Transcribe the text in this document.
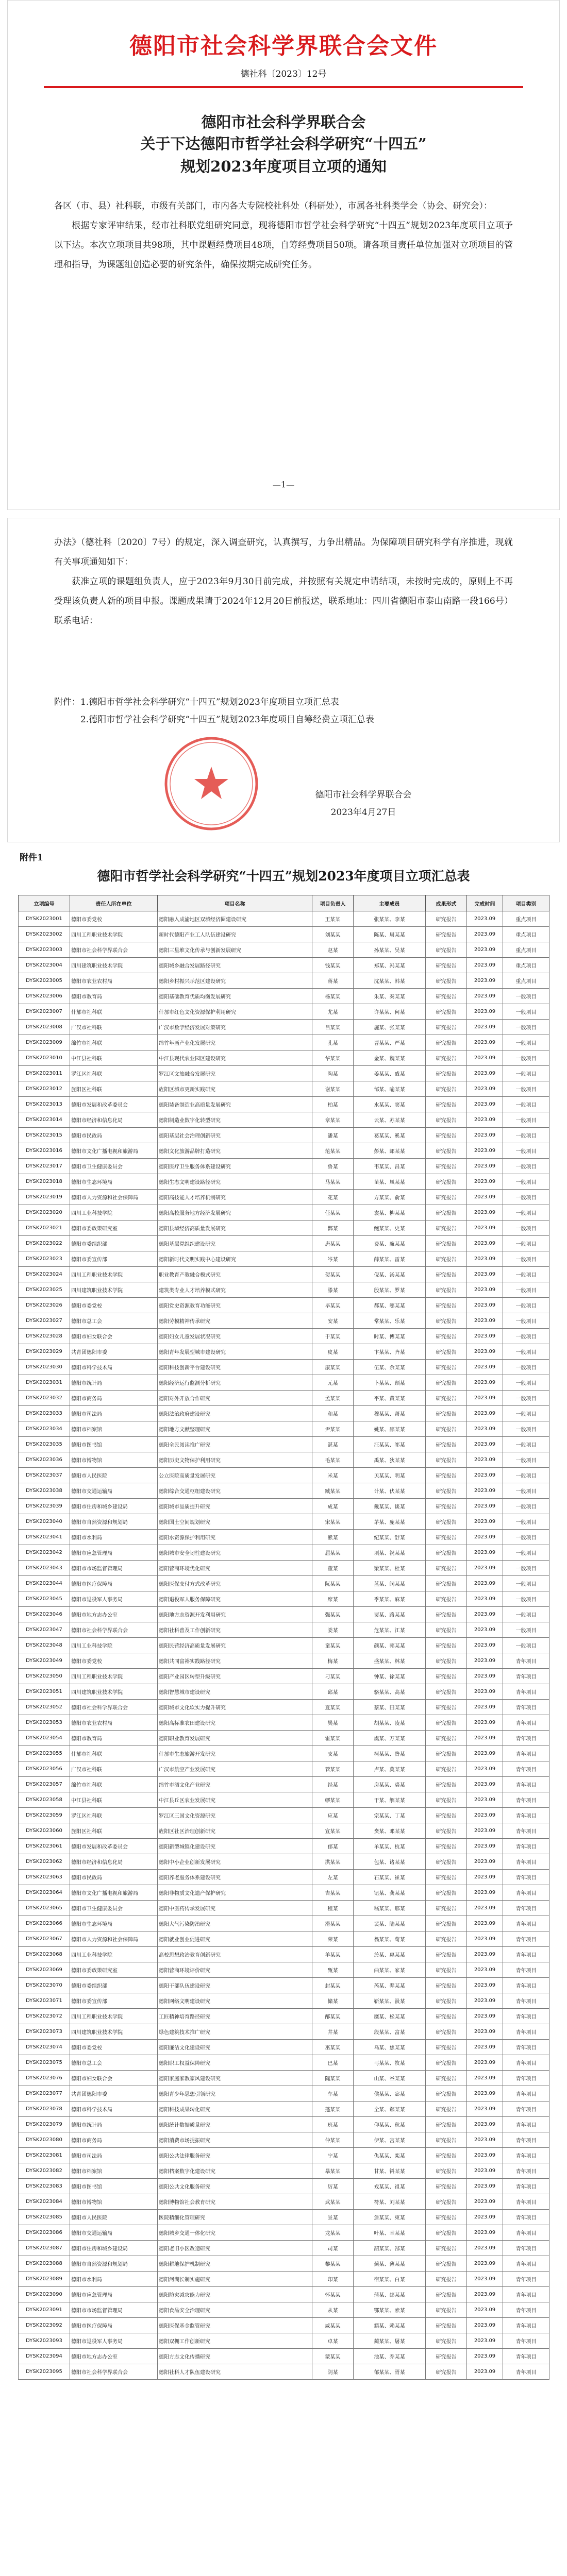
德阳市社会科学界联合会文件
德社科〔2023〕12号
德阳市社会科学界联合会
关于下达德阳市哲学社会科学研究“十四五”
规划2023年度项目立项的通知

各区（市、县）社科联，市级有关部门，市内各大专院校社科处（科研处），市属各社科类学会（协会、研究会）：

根据专家评审结果，经市社科联党组研究同意，现将德阳市哲学社会科学研究“十四五”规划2023年度项目立项予以下达。本次立项项目共98项，其中课题经费项目48项，自筹经费项目50项。请各项目责任单位加强对立项项目的管理和指导，为课题组创造必要的研究条件，确保按期完成研究任务。

—1—

办法》（德社科〔2020〕7号）的规定，深入调查研究，认真撰写，力争出精品。为保障项目研究科学有序推进，现就有关事项通知如下：

获准立项的课题组负责人，应于2023年9月30日前完成，并按照有关规定申请结项，未按时完成的，原则上不再受理该负责人新的项目申报。课题成果请于2024年12月20日前报送，联系地址：四川省德阳市泰山南路一段166号）联系电话：

附件：1.德阳市哲学社会科学研究“十四五”规划2023年度项目立项汇总表
2.德阳市哲学社会科学研究“十四五”规划2023年度项目自筹经费立项汇总表
德阳市社会科学界联合会
2023年4月27日
附件1
德阳市哲学社会科学研究“十四五”规划2023年度项目立项汇总表
立项编号	责任人所在单位	项目名称	项目负责人	主要成员	成果形式	完成时间	项目类别
DYSK2023001	德阳市委党校	德阳融入成渝地区双城经济圈建设研究	王某某	张某某、李某	研究报告	2023.09	重点项目
DYSK2023002	四川工程职业技术学院	新时代德阳产业工人队伍建设研究	刘某某	陈某、周某某	研究报告	2023.09	重点项目
DYSK2023003	德阳市社会科学界联合会	德阳三星堆文化传承与创新发展研究	赵某	孙某某、吴某	研究报告	2023.09	重点项目
DYSK2023004	四川建筑职业技术学院	德阳城乡融合发展路径研究	钱某某	郑某、冯某某	研究报告	2023.09	重点项目
DYSK2023005	德阳市农业农村局	德阳乡村振兴示范区建设研究	蒋某	沈某某、韩某	研究报告	2023.09	重点项目
DYSK2023006	德阳市教育局	德阳基础教育优质均衡发展研究	杨某某	朱某、秦某某	研究报告	2023.09	一般项目
DYSK2023007	什邡市社科联	什邡市红色文化资源保护利用研究	尤某	许某某、何某	研究报告	2023.09	一般项目
DYSK2023008	广汉市社科联	广汉市数字经济发展对策研究	吕某某	施某、张某某	研究报告	2023.09	一般项目
DYSK2023009	绵竹市社科联	绵竹年画产业化发展研究	孔某	曹某某、严某	研究报告	2023.09	一般项目
DYSK2023010	中江县社科联	中江县现代农业园区建设研究	华某某	金某、魏某某	研究报告	2023.09	一般项目
DYSK2023011	罗江区社科联	罗江区文旅融合发展研究	陶某	姜某某、戚某	研究报告	2023.09	一般项目
DYSK2023012	旌阳区社科联	旌阳区城市更新实践研究	谢某某	邹某、喻某某	研究报告	2023.09	一般项目
DYSK2023013	德阳市发展和改革委员会	德阳装备制造业高质量发展研究	柏某	水某某、窦某	研究报告	2023.09	一般项目
DYSK2023014	德阳市经济和信息化局	德阳制造业数字化转型研究	章某某	云某、苏某某	研究报告	2023.09	一般项目
DYSK2023015	德阳市民政局	德阳基层社会治理创新研究	潘某	葛某某、奚某	研究报告	2023.09	一般项目
DYSK2023016	德阳市文化广播电视和旅游局	德阳文化旅游品牌打造研究	范某某	彭某、郎某某	研究报告	2023.09	一般项目
DYSK2023017	德阳市卫生健康委员会	德阳医疗卫生服务体系建设研究	鲁某	韦某某、昌某	研究报告	2023.09	一般项目
DYSK2023018	德阳市生态环境局	德阳生态文明建设路径研究	马某某	苗某、凤某某	研究报告	2023.09	一般项目
DYSK2023019	德阳市人力资源和社会保障局	德阳高技能人才培养机制研究	花某	方某某、俞某	研究报告	2023.09	一般项目
DYSK2023020	四川工业科技学院	德阳高校服务地方经济发展研究	任某某	袁某、柳某某	研究报告	2023.09	一般项目
DYSK2023021	德阳市委政策研究室	德阳县域经济高质量发展研究	酆某	鲍某某、史某	研究报告	2023.09	一般项目
DYSK2023022	德阳市委组织部	德阳基层党组织建设研究	唐某某	费某、廉某某	研究报告	2023.09	一般项目
DYSK2023023	德阳市委宣传部	德阳新时代文明实践中心建设研究	岑某	薛某某、雷某	研究报告	2023.09	一般项目
DYSK2023024	四川工程职业技术学院	职业教育产教融合模式研究	贺某某	倪某、汤某某	研究报告	2023.09	一般项目
DYSK2023025	四川建筑职业技术学院	建筑类专业人才培养模式研究	滕某	殷某某、罗某	研究报告	2023.09	一般项目
DYSK2023026	德阳市委党校	德阳党史资源教育功能研究	毕某某	郝某、邬某某	研究报告	2023.09	一般项目
DYSK2023027	德阳市总工会	德阳劳模精神传承研究	安某	常某某、乐某	研究报告	2023.09	一般项目
DYSK2023028	德阳市妇女联合会	德阳妇女儿童发展状况研究	于某某	时某、傅某某	研究报告	2023.09	一般项目
DYSK2023029	共青团德阳市委	德阳青年发展型城市建设研究	皮某	卞某某、齐某	研究报告	2023.09	一般项目
DYSK2023030	德阳市科学技术局	德阳科技创新平台建设研究	康某某	伍某、余某某	研究报告	2023.09	一般项目
DYSK2023031	德阳市统计局	德阳经济运行监测分析研究	元某	卜某某、顾某	研究报告	2023.09	一般项目
DYSK2023032	德阳市商务局	德阳对外开放合作研究	孟某某	平某、黄某某	研究报告	2023.09	一般项目
DYSK2023033	德阳市司法局	德阳法治政府建设研究	和某	穆某某、萧某	研究报告	2023.09	一般项目
DYSK2023034	德阳市档案馆	德阳地方文献整理研究	尹某某	姚某、邵某某	研究报告	2023.09	一般项目
DYSK2023035	德阳市图书馆	德阳全民阅读推广研究	湛某	汪某某、祁某	研究报告	2023.09	一般项目
DYSK2023036	德阳市博物馆	德阳历史文物保护利用研究	毛某某	禹某、狄某某	研究报告	2023.09	一般项目
DYSK2023037	德阳市人民医院	公立医院高质量发展研究	米某	贝某某、明某	研究报告	2023.09	一般项目
DYSK2023038	德阳市交通运输局	德阳综合交通枢纽建设研究	臧某某	计某、伏某某	研究报告	2023.09	一般项目
DYSK2023039	德阳市住房和城乡建设局	德阳城市品质提升研究	成某	戴某某、谈某	研究报告	2023.09	一般项目
DYSK2023040	德阳市自然资源和规划局	德阳国土空间规划研究	宋某某	茅某、庞某某	研究报告	2023.09	一般项目
DYSK2023041	德阳市水利局	德阳水资源保护利用研究	熊某	纪某某、舒某	研究报告	2023.09	一般项目
DYSK2023042	德阳市应急管理局	德阳城市安全韧性建设研究	屈某某	项某、祝某某	研究报告	2023.09	一般项目
DYSK2023043	德阳市市场监督管理局	德阳营商环境优化研究	董某	梁某某、杜某	研究报告	2023.09	一般项目
DYSK2023044	德阳市医疗保障局	德阳医保支付方式改革研究	阮某某	蓝某、闵某某	研究报告	2023.09	一般项目
DYSK2023045	德阳市退役军人事务局	德阳退役军人服务保障研究	席某	季某某、麻某	研究报告	2023.09	一般项目
DYSK2023046	德阳市地方志办公室	德阳地方志资源开发利用研究	强某某	贾某、路某某	研究报告	2023.09	一般项目
DYSK2023047	德阳市社会科学界联合会	德阳社科普及工作创新研究	娄某	危某某、江某	研究报告	2023.09	一般项目
DYSK2023048	四川工业科技学院	德阳民营经济高质量发展研究	童某某	颜某、郭某某	研究报告	2023.09	一般项目
DYSK2023049	德阳市委党校	德阳共同富裕实践路径研究	梅某	盛某某、林某	研究报告	2023.09	青年项目
DYSK2023050	四川工程职业技术学院	德阳产业园区转型升级研究	刁某某	钟某、徐某某	研究报告	2023.09	青年项目
DYSK2023051	四川建筑职业技术学院	德阳智慧城市建设研究	邱某	骆某某、高某	研究报告	2023.09	青年项目
DYSK2023052	德阳市社会科学界联合会	德阳城市文化软实力提升研究	夏某某	蔡某、田某某	研究报告	2023.09	青年项目
DYSK2023053	德阳市农业农村局	德阳高标准农田建设研究	樊某	胡某某、凌某	研究报告	2023.09	青年项目
DYSK2023054	德阳市教育局	德阳职业教育发展研究	霍某某	虞某、万某某	研究报告	2023.09	青年项目
DYSK2023055	什邡市社科联	什邡市生态旅游开发研究	支某	柯某某、昝某	研究报告	2023.09	青年项目
DYSK2023056	广汉市社科联	广汉市航空产业发展研究	管某某	卢某、莫某某	研究报告	2023.09	青年项目
DYSK2023057	绵竹市社科联	绵竹市酒文化产业研究	经某	房某某、裘某	研究报告	2023.09	青年项目
DYSK2023058	中江县社科联	中江县丘区农业发展研究	缪某某	干某、解某某	研究报告	2023.09	青年项目
DYSK2023059	罗江区社科联	罗江区三国文化资源研究	应某	宗某某、丁某	研究报告	2023.09	青年项目
DYSK2023060	旌阳区社科联	旌阳区社区治理创新研究	宣某某	贲某、邓某某	研究报告	2023.09	青年项目
DYSK2023061	德阳市发展和改革委员会	德阳新型城镇化建设研究	郁某	单某某、杭某	研究报告	2023.09	青年项目
DYSK2023062	德阳市经济和信息化局	德阳中小企业创新发展研究	洪某某	包某、诸某某	研究报告	2023.09	青年项目
DYSK2023063	德阳市民政局	德阳养老服务体系建设研究	左某	石某某、崔某	研究报告	2023.09	青年项目
DYSK2023064	德阳市文化广播电视和旅游局	德阳非物质文化遗产保护研究	吉某某	钮某、龚某某	研究报告	2023.09	青年项目
DYSK2023065	德阳市卫生健康委员会	德阳中医药传承发展研究	程某	嵇某某、邢某	研究报告	2023.09	青年项目
DYSK2023066	德阳市生态环境局	德阳大气污染防治研究	滑某某	裴某、陆某某	研究报告	2023.09	青年项目
DYSK2023067	德阳市人力资源和社会保障局	德阳就业创业促进研究	荣某	翁某某、荀某	研究报告	2023.09	青年项目
DYSK2023068	四川工业科技学院	高校思想政治教育创新研究	羊某某	於某、惠某某	研究报告	2023.09	青年项目
DYSK2023069	德阳市委政策研究室	德阳营商环境评价研究	甄某	曲某某、家某	研究报告	2023.09	青年项目
DYSK2023070	德阳市委组织部	德阳干部队伍建设研究	封某某	芮某、羿某某	研究报告	2023.09	青年项目
DYSK2023071	德阳市委宣传部	德阳网络文明建设研究	储某	靳某某、汲某	研究报告	2023.09	青年项目
DYSK2023072	四川工程职业技术学院	工匠精神培育路径研究	邴某某	糜某、松某某	研究报告	2023.09	青年项目
DYSK2023073	四川建筑职业技术学院	绿色建筑技术推广研究	井某	段某某、富某	研究报告	2023.09	青年项目
DYSK2023074	德阳市委党校	德阳廉洁文化建设研究	巫某某	乌某、焦某某	研究报告	2023.09	青年项目
DYSK2023075	德阳市总工会	德阳职工权益保障研究	巴某	弓某某、牧某	研究报告	2023.09	青年项目
DYSK2023076	德阳市妇女联合会	德阳家庭家教家风建设研究	隗某某	山某、谷某某	研究报告	2023.09	青年项目
DYSK2023077	共青团德阳市委	德阳青少年思想引领研究	车某	侯某某、宓某	研究报告	2023.09	青年项目
DYSK2023078	德阳市科学技术局	德阳科技成果转化研究	蓬某某	全某、郗某某	研究报告	2023.09	青年项目
DYSK2023079	德阳市统计局	德阳统计数据质量研究	班某	仰某某、秋某	研究报告	2023.09	青年项目
DYSK2023080	德阳市商务局	德阳消费市场提振研究	仲某某	伊某、宫某某	研究报告	2023.09	青年项目
DYSK2023081	德阳市司法局	德阳公共法律服务研究	宁某	仇某某、栾某	研究报告	2023.09	青年项目
DYSK2023082	德阳市档案馆	德阳档案数字化建设研究	暴某某	甘某、钭某某	研究报告	2023.09	青年项目
DYSK2023083	德阳市图书馆	德阳公共文化服务研究	厉某	戎某某、祖某	研究报告	2023.09	青年项目
DYSK2023084	德阳市博物馆	德阳博物馆社会教育研究	武某某	符某、刘某某	研究报告	2023.09	青年项目
DYSK2023085	德阳市人民医院	医院精细化管理研究	景某	詹某某、束某	研究报告	2023.09	青年项目
DYSK2023086	德阳市交通运输局	德阳城乡交通一体化研究	龙某某	叶某、幸某某	研究报告	2023.09	青年项目
DYSK2023087	德阳市住房和城乡建设局	德阳老旧小区改造研究	司某	韶某某、郜某	研究报告	2023.09	青年项目
DYSK2023088	德阳市自然资源和规划局	德阳耕地保护机制研究	黎某某	蓟某、薄某某	研究报告	2023.09	青年项目
DYSK2023089	德阳市水利局	德阳河湖长制实施研究	印某	宿某某、白某	研究报告	2023.09	青年项目
DYSK2023090	德阳市应急管理局	德阳防灾减灾能力研究	怀某某	蒲某、邰某某	研究报告	2023.09	青年项目
DYSK2023091	德阳市市场监督管理局	德阳食品安全治理研究	从某	鄂某某、索某	研究报告	2023.09	青年项目
DYSK2023092	德阳市医疗保障局	德阳医保基金监管研究	咸某某	籍某、赖某某	研究报告	2023.09	青年项目
DYSK2023093	德阳市退役军人事务局	德阳双拥工作创新研究	卓某	蔺某某、屠某	研究报告	2023.09	青年项目
DYSK2023094	德阳市地方志办公室	德阳方志文化传播研究	蒙某某	池某、乔某某	研究报告	2023.09	青年项目
DYSK2023095	德阳市社会科学界联合会	德阳社科人才队伍建设研究	阴某	郁某某、胥某	研究报告	2023.09	青年项目
